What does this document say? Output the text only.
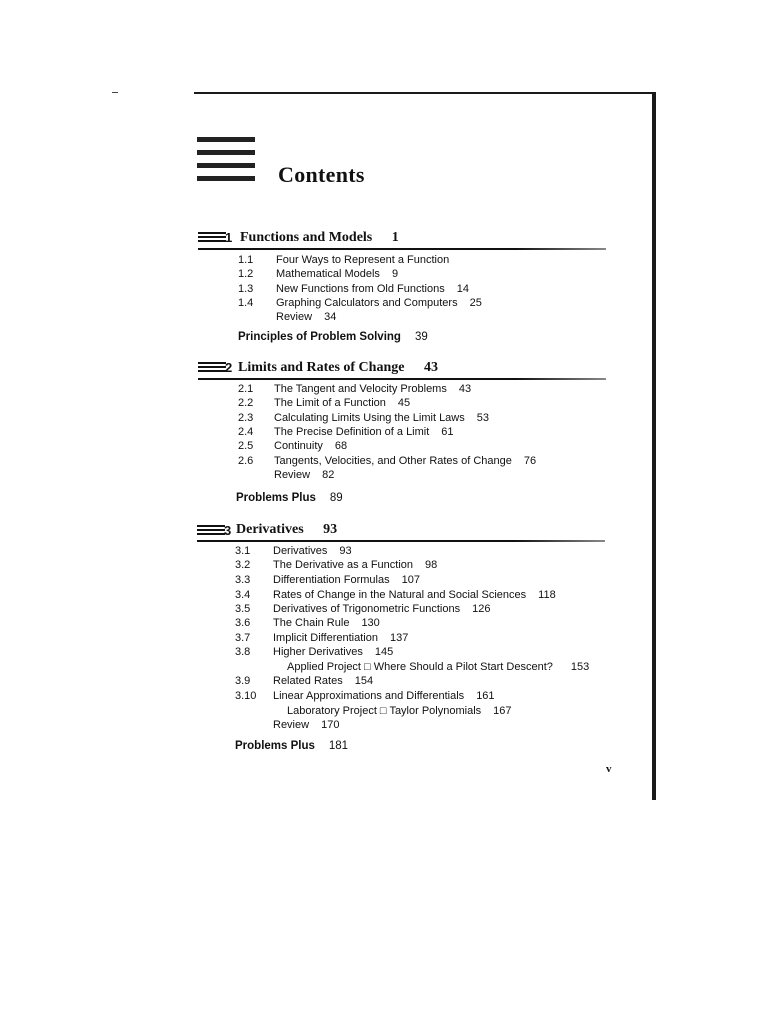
Contents
1 Functions and Models 1
1.1 Four Ways to Represent a Function
1.2 Mathematical Models 9
1.3 New Functions from Old Functions 14
1.4 Graphing Calculators and Computers 25
Review 34
Principles of Problem Solving 39
2 Limits and Rates of Change 43
2.1 The Tangent and Velocity Problems 43
2.2 The Limit of a Function 45
2.3 Calculating Limits Using the Limit Laws 53
2.4 The Precise Definition of a Limit 61
2.5 Continuity 68
2.6 Tangents, Velocities, and Other Rates of Change 76
Review 82
Problems Plus 89
3 Derivatives 93
3.1 Derivatives 93
3.2 The Derivative as a Function 98
3.3 Differentiation Formulas 107
3.4 Rates of Change in the Natural and Social Sciences 118
3.5 Derivatives of Trigonometric Functions 126
3.6 The Chain Rule 130
3.7 Implicit Differentiation 137
3.8 Higher Derivatives 145
Applied Project □ Where Should a Pilot Start Descent? 153
3.9 Related Rates 154
3.10 Linear Approximations and Differentials 161
Laboratory Project □ Taylor Polynomials 167
Review 170
Problems Plus 181
v
